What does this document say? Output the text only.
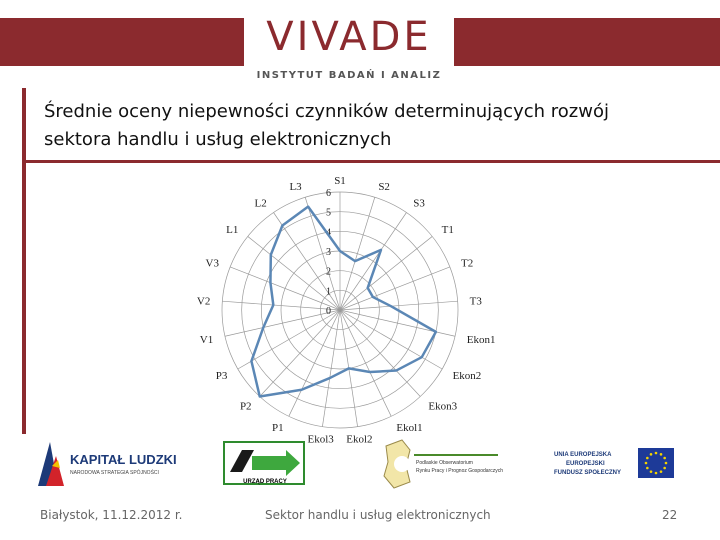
VIVADE
INSTYTUT BADAŃ I ANALIZ
Średnie oceny niepewności czynników determinujących rozwój
sektora handlu i usług elektronicznych
0
1
2
3
4
5
6
S1	S2
S3
T1
T2
T3
Ekon1
Ekon2
Ekon3
Ekol1
Ekol2
Ekol3
P1
P2
P3
V1
V2
V3
L1
L2
L3
KAPITAŁ LUDZKI
NARODOWA STRATEGIA SPÓJNOŚCI
URZĄD PRACY
Podlaskie Obserwatorium
Rynku Pracy i Prognoz Gospodarczych
UNIA EUROPEJSKA
EUROPEJSKI
FUNDUSZ SPOŁECZNY
Białystok, 11.12.2012 r.	Sektor handlu i usług elektronicznych	22
